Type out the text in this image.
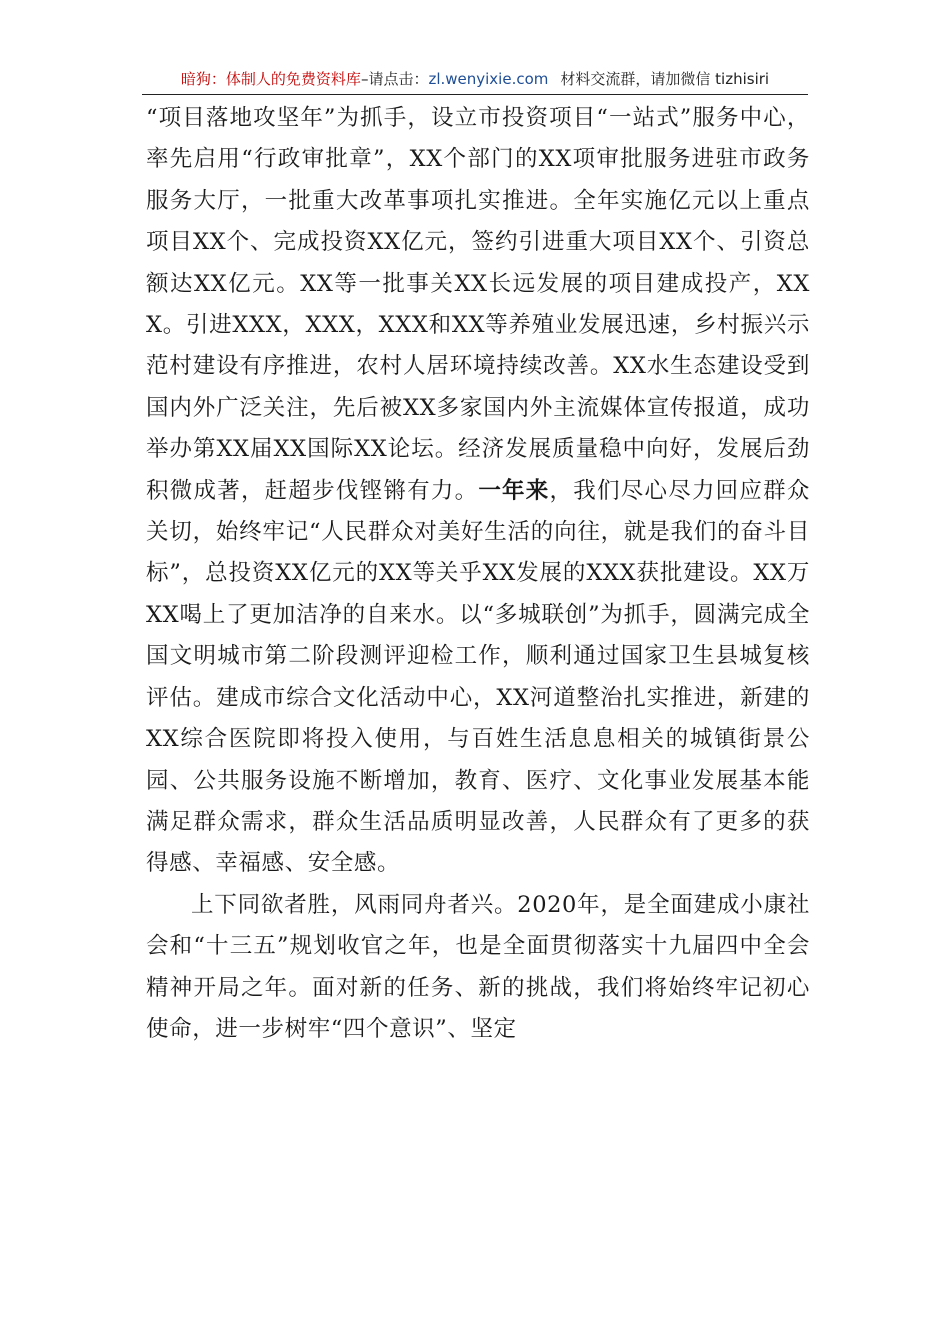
暗狗：体制人的免费资料库–请点击：zl.wenyixie.com 材料交流群，请加微信 tizhisiri

“项目落地攻坚年”为抓手，设立市投资项目“一站式”服务中心，率先启用“行政审批章”，XX个部门的XX项审批服务进驻市政务服务大厅，一批重大改革事项扎实推进。全年实施亿元以上重点项目XX个、完成投资XX亿元，签约引进重大项目XX个、引资总额达XX亿元。XX等一批事关XX长远发展的项目建成投产，XXX。引进XXX，XXX，XXX和XX等养殖业发展迅速，乡村振兴示范村建设有序推进，农村人居环境持续改善。XX水生态建设受到国内外广泛关注，先后被XX多家国内外主流媒体宣传报道，成功举办第XX届XX国际XX论坛。经济发展质量稳中向好，发展后劲积微成著，赶超步伐铿锵有力。一年来，我们尽心尽力回应群众关切，始终牢记“人民群众对美好生活的向往，就是我们的奋斗目标”，总投资XX亿元的XX等关乎XX发展的XXX获批建设。XX万XX喝上了更加洁净的自来水。以“多城联创”为抓手，圆满完成全国文明城市第二阶段测评迎检工作，顺利通过国家卫生县城复核评估。建成市综合文化活动中心，XX河道整治扎实推进，新建的XX综合医院即将投入使用，与百姓生活息息相关的城镇街景公园、公共服务设施不断增加，教育、医疗、文化事业发展基本能满足群众需求，群众生活品质明显改善，人民群众有了更多的获得感、幸福感、安全感。

上下同欲者胜，风雨同舟者兴。2020年，是全面建成小康社会和“十三五”规划收官之年，也是全面贯彻落实十九届四中全会精神开局之年。面对新的任务、新的挑战，我们将始终牢记初心使命，进一步树牢“四个意识”、坚定
